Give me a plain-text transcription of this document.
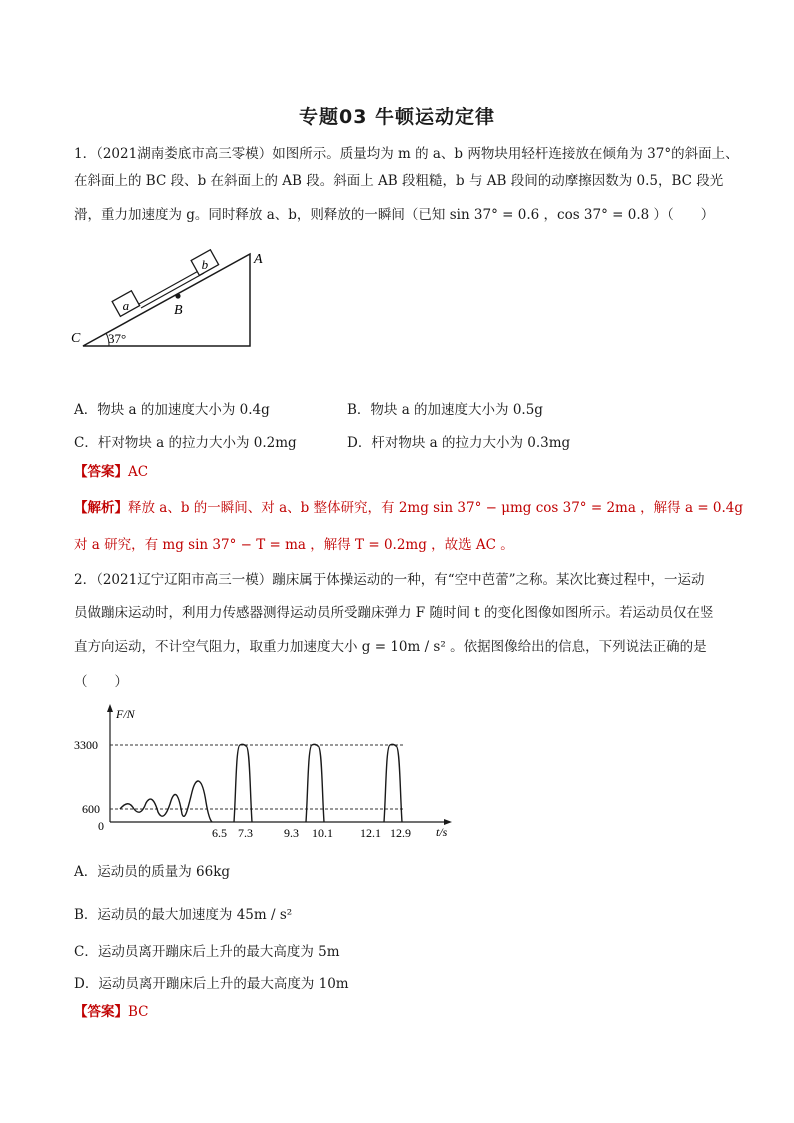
专题03 牛顿运动定律
1．（2021湖南娄底市高三零模）如图所示。质量均为 m 的 a、b 两物块用轻杆连接放在倾角为 37°的斜面上、
在斜面上的 BC 段、b 在斜面上的 AB 段。斜面上 AB 段粗糙，b 与 AB 段间的动摩擦因数为 0.5，BC 段光
滑，重力加速度为 g。同时释放 a、b，则释放的一瞬间（已知 sin 37° = 0.6 ，cos 37° = 0.8 ）（　　）
a
b
B
A
C 37°
A．物块 a 的加速度大小为 0.4g	B．物块 a 的加速度大小为 0.5g
C．杆对物块 a 的拉力大小为 0.2mg	D．杆对物块 a 的拉力大小为 0.3mg
【答案】AC
【解析】释放 a、b 的一瞬间、对 a、b 整体研究，有 2mg sin 37° − μmg cos 37° = 2ma ，解得 a = 0.4g
对 a 研究，有 mg sin 37° − T = ma ，解得 T = 0.2mg ，故选 AC 。
2．（2021辽宁辽阳市高三一模）蹦床属于体操运动的一种，有“空中芭蕾”之称。某次比赛过程中，一运动
员做蹦床运动时，利用力传感器测得运动员所受蹦床弹力 F 随时间 t 的变化图像如图所示。若运动员仅在竖
直方向运动，不计空气阻力，取重力加速度大小 g = 10m / s² 。依据图像给出的信息，下列说法正确的是
（　　）
F/N
t/s
3300
600
0	6.5 7.3	9.3 10.1 12.1 12.9
A．运动员的质量为 66kg
B．运动员的最大加速度为 45m / s²
C．运动员离开蹦床后上升的最大高度为 5m
D．运动员离开蹦床后上升的最大高度为 10m
【答案】BC
